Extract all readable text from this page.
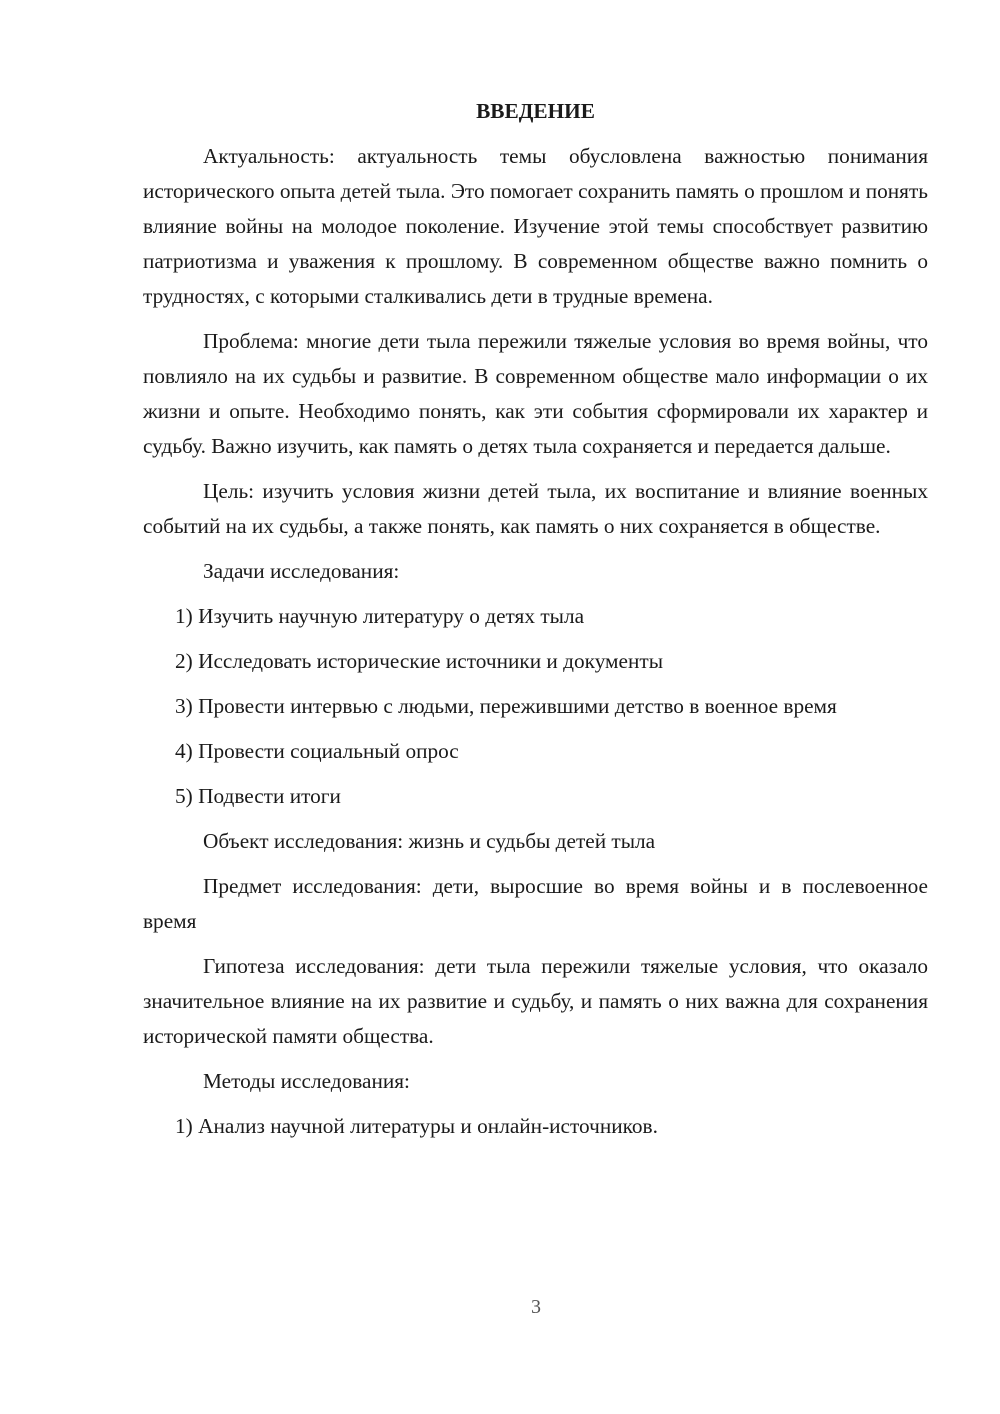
ВВЕДЕНИЕ

Актуальность: актуальность темы обусловлена важностью понимания исторического опыта детей тыла. Это помогает сохранить память о прошлом и понять влияние войны на молодое поколение. Изучение этой темы способствует развитию патриотизма и уважения к прошлому. В современном обществе важно помнить о трудностях, с которыми сталкивались дети в трудные времена.

Проблема: многие дети тыла пережили тяжелые условия во время войны, что повлияло на их судьбы и развитие. В современном обществе мало информации о их жизни и опыте. Необходимо понять, как эти события сформировали их характер и судьбу. Важно изучить, как память о детях тыла сохраняется и передается дальше.

Цель: изучить условия жизни детей тыла, их воспитание и влияние военных событий на их судьбы, а также понять, как память о них сохраняется в обществе.

Задачи исследования:

1) Изучить научную литературу о детях тыла

2) Исследовать исторические источники и документы

3) Провести интервью с людьми, пережившими детство в военное время

4) Провести социальный опрос

5) Подвести итоги

Объект исследования: жизнь и судьбы детей тыла

Предмет исследования: дети, выросшие во время войны и в послевоенное время

Гипотеза исследования: дети тыла пережили тяжелые условия, что оказало значительное влияние на их развитие и судьбу, и память о них важна для сохранения исторической памяти общества.

Методы исследования:

1) Анализ научной литературы и онлайн-источников.

3
